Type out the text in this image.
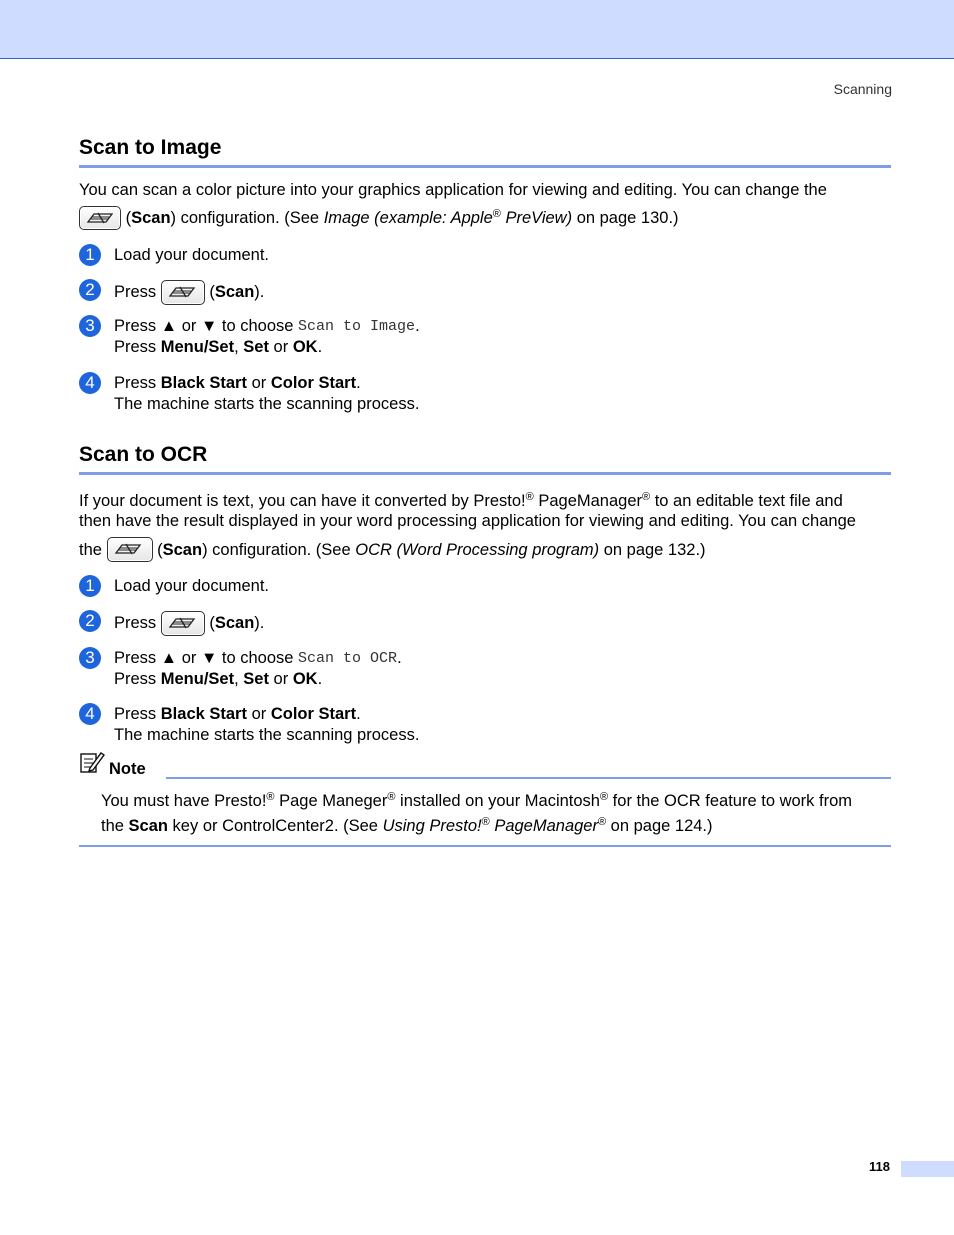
Scanning
Scan to Image
You can scan a color picture into your graphics application for viewing and editing. You can change the
(Scan) configuration. (See Image (example: Apple® PreView) on page 130.)
1	Load your document.
2	Press	( Scan ).
3	Press ▲ or ▼ to choose Scan to Image .
Press Menu/Set , Set or OK .
4	Press Black Start or Color Start .
The machine starts the scanning process.
Scan to OCR
If your document is text, you can have it converted by Presto!® PageManager® to an editable text file and
then have the result displayed in your word processing application for viewing and editing. You can change
the
	(Scan) configuration. (See OCR (Word Processing program) on page 132.)
1	Load your document.
2	Press	( Scan ).
3	Press ▲ or ▼ to choose Scan to OCR .
Press Menu/Set , Set or OK .
4	Press Black Start or Color Start .
The machine starts the scanning process.
Note
You must have Presto!® Page Maneger® installed on your Macintosh® for the OCR feature to work from
the Scan key or ControlCenter2. (See Using Presto!® PageManager® on page 124.)
118
